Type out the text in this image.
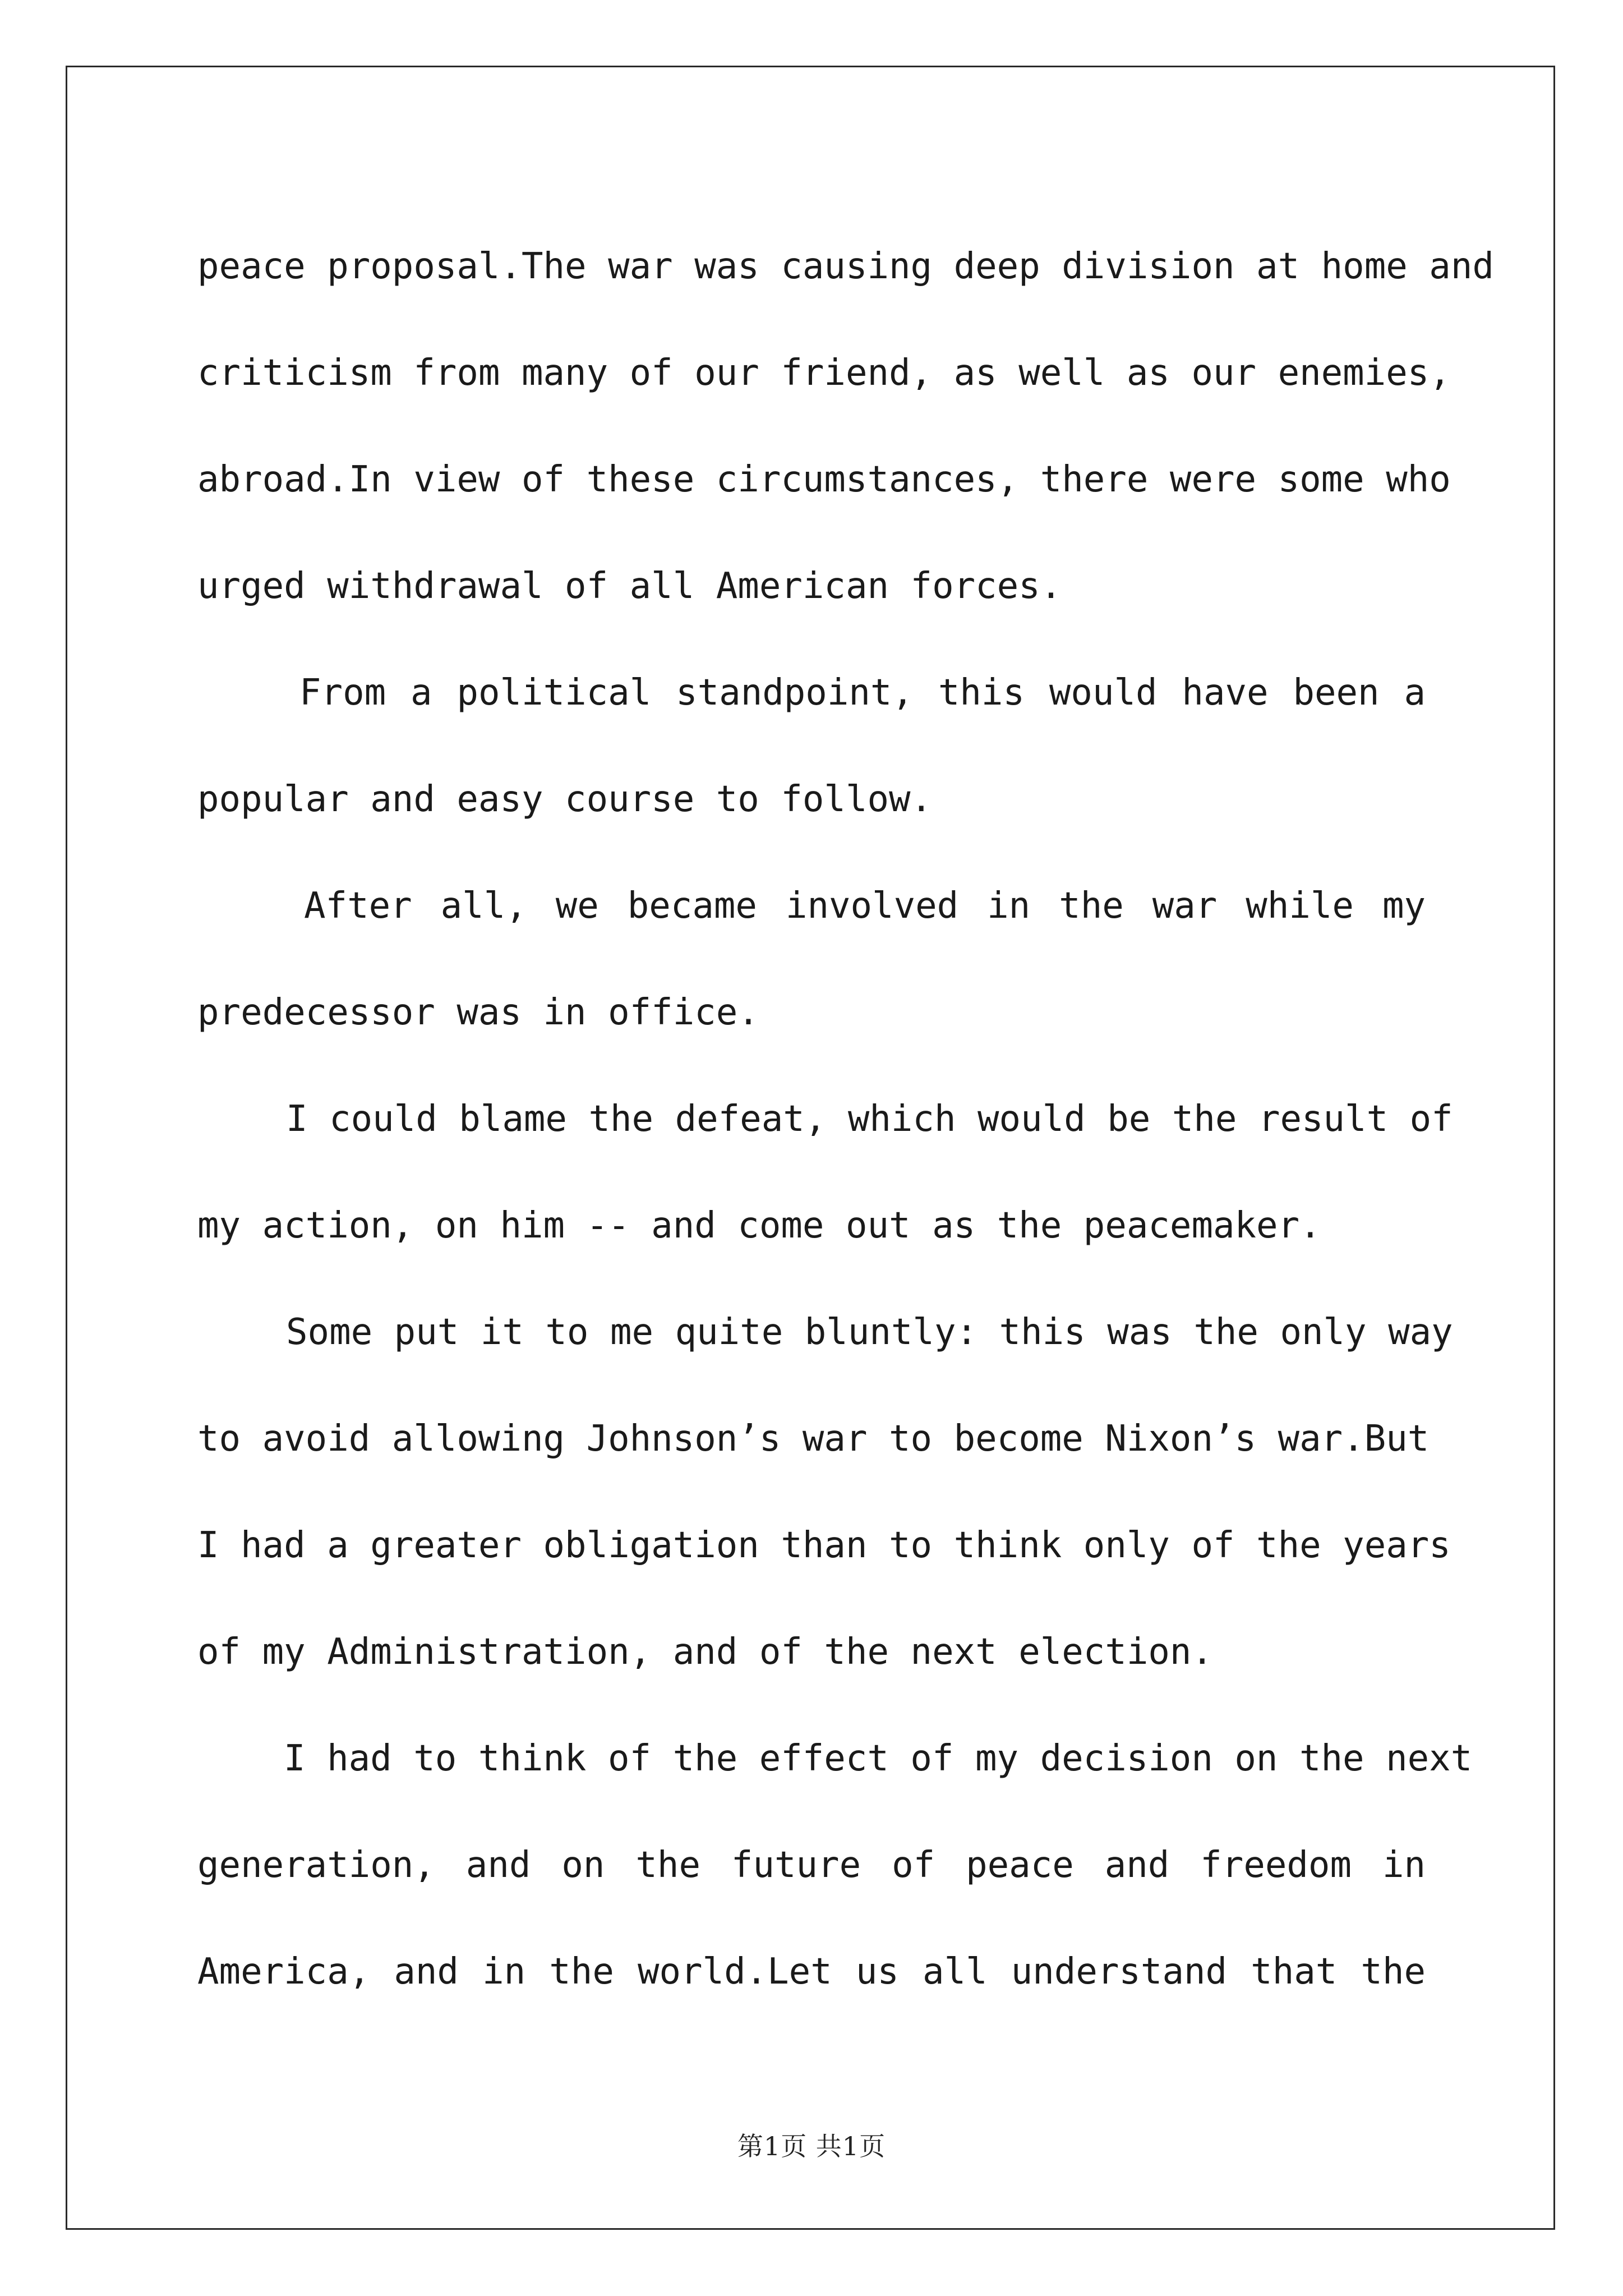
peace proposal.The war was causing deep division at home and
criticism from many of our friend, as well as our enemies,
abroad.In view of these circumstances, there were some who
urged withdrawal of all American forces.
From a political standpoint, this would have been a
popular and easy course to follow.
After all, we became involved in the war while my
predecessor was in office.
I could blame the defeat, which would be the result of
my action, on him -- and come out as the peacemaker.
Some put it to me quite bluntly: this was the only way
to avoid allowing Johnson’s war to become Nixon’s war.But
I had a greater obligation than to think only of the years
of my Administration, and of the next election.
I had to think of the effect of my decision on the next
generation, and on the future of peace and freedom in
America, and in the world.Let us all understand that the
第1页 共1页
